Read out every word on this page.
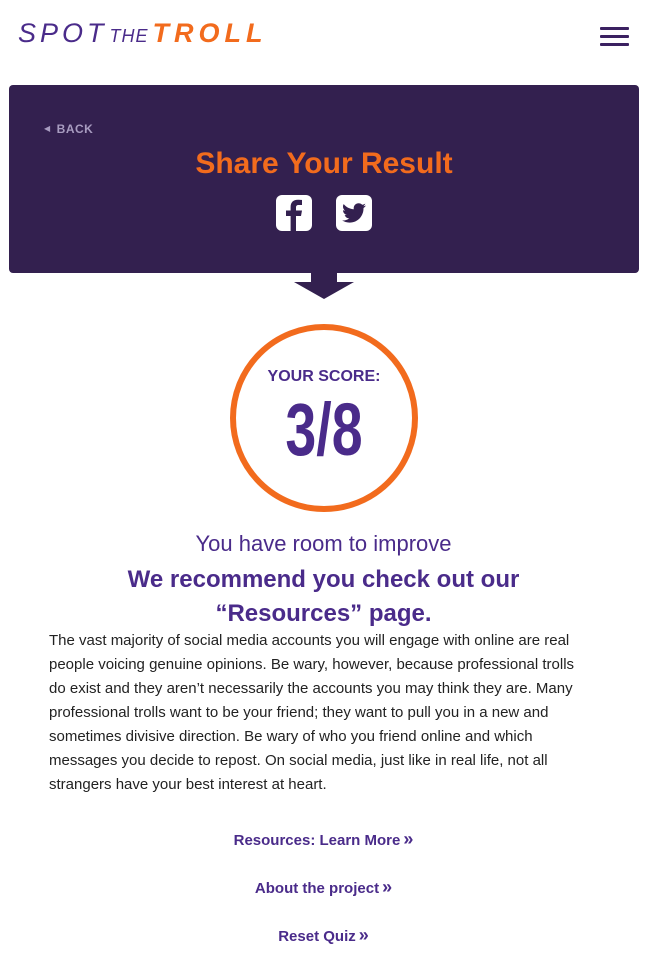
SPOT THE TROLL
◀ BACK
Share Your Result
YOUR SCORE:
3/8
You have room to improve
We recommend you check out our “Resources” page.
The vast majority of social media accounts you will engage with online are real people voicing genuine opinions. Be wary, however, because professional trolls do exist and they aren’t necessarily the accounts you may think they are. Many professional trolls want to be your friend; they want to pull you in a new and sometimes divisive direction. Be wary of who you friend online and which messages you decide to repost. On social media, just like in real life, not all strangers have your best interest at heart.
Resources: Learn More »
About the project »
Reset Quiz »
